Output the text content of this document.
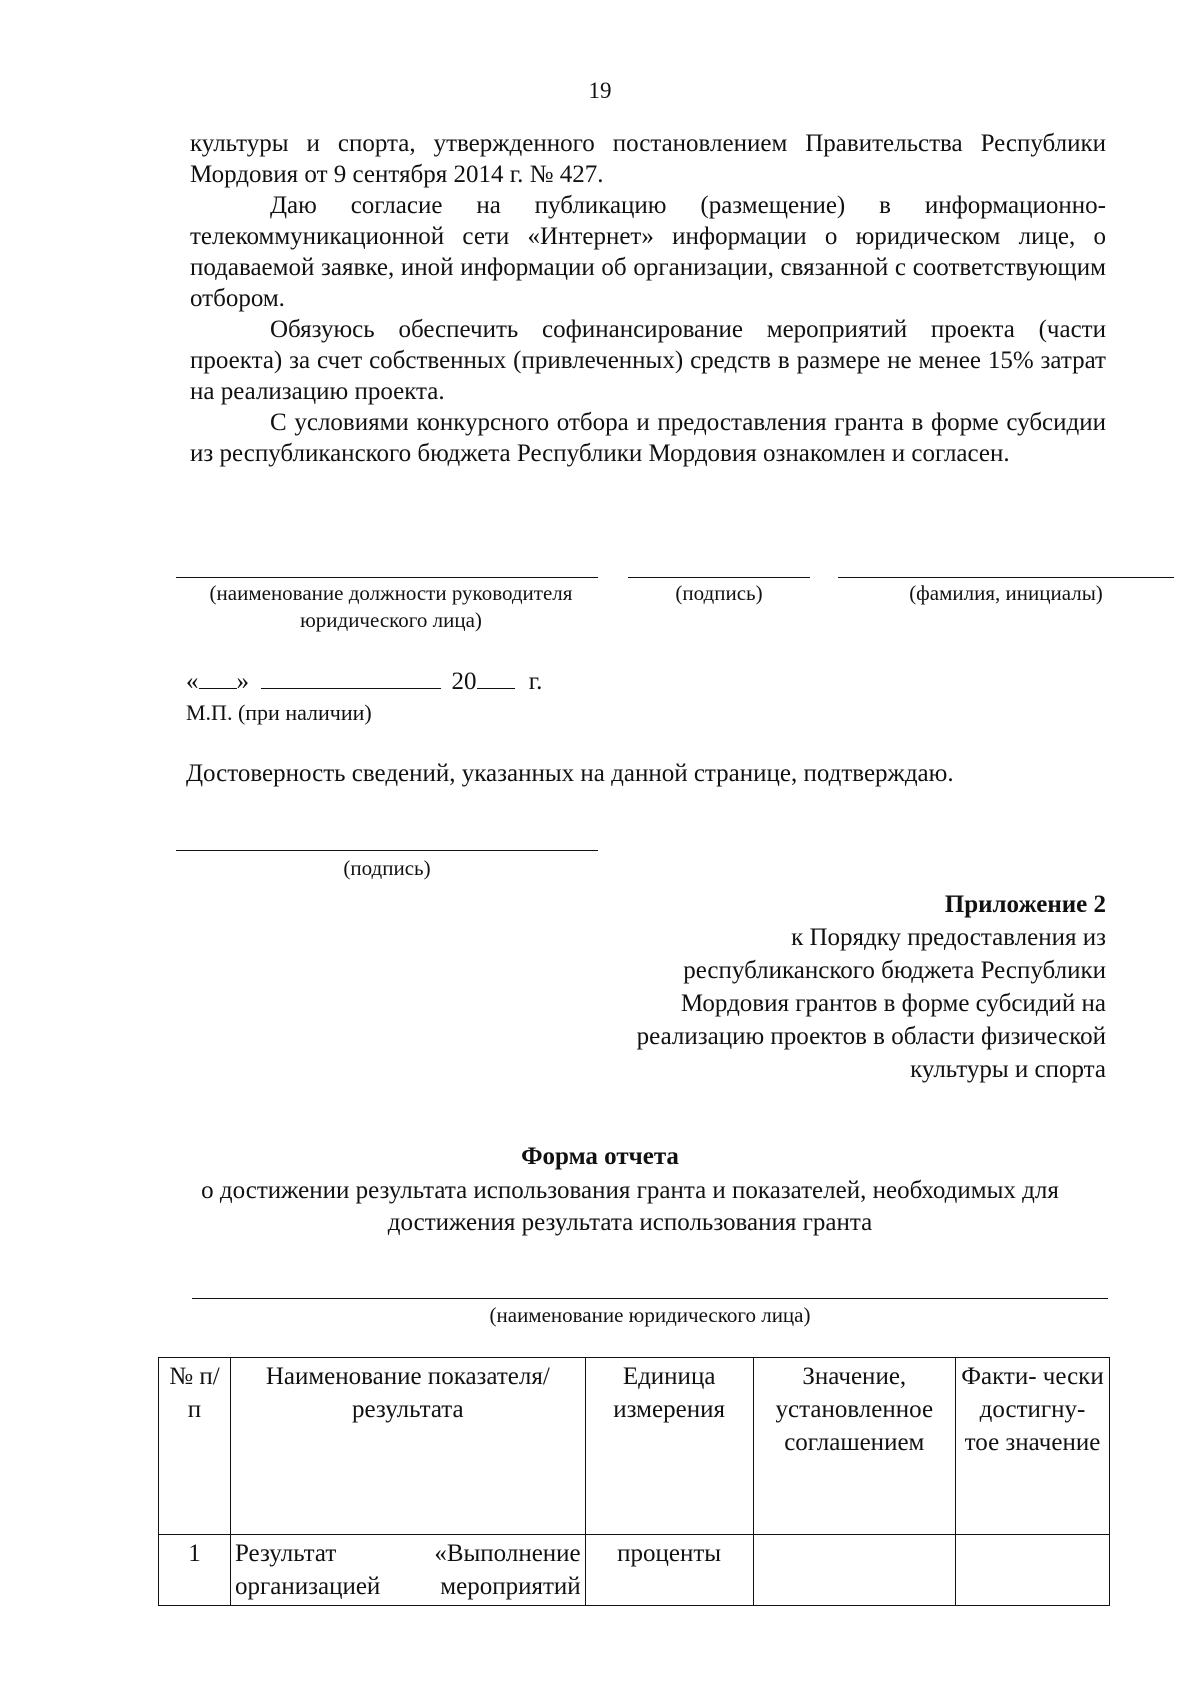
19

культуры и спорта, утвержденного постановлением Правительства Республики Мордовия от 9 сентября 2014 г. № 427.

Даю согласие на публикацию (размещение) в информационно-телекоммуникационной сети «Интернет» информации о юридическом лице, о подаваемой заявке, иной информации об организации, связанной с соответствующим отбором.

Обязуюсь обеспечить софинансирование мероприятий проекта (части проекта) за счет собственных (привлеченных) средств в размере не менее 15% затрат на реализацию проекта.

С условиями конкурсного отбора и предоставления гранта в форме субсидии из республиканского бюджета Республики Мордовия ознакомлен и согласен.

(наименование должности руководителя юридического лица)
(подпись)	(фамилия, инициалы)
« »	20 г.
М.П. (при наличии)
Достоверность сведений, указанных на данной странице, подтверждаю.
(подпись)
Приложение 2
к Порядку предоставления из
республиканского бюджета Республики
Мордовия грантов в форме субсидий на
реализацию проектов в области физической
культуры и спорта
Форма отчета
о достижении результата использования гранта и показателей, необходимых для достижения результата использования гранта
(наименование юридического лица)
№ п/п	Наименование показателя/ результата	Единица измерения	Значение, установленное соглашением	Факти- чески достигну- тое значение
1	Результат «Выполнение организацией мероприятий	проценты		
